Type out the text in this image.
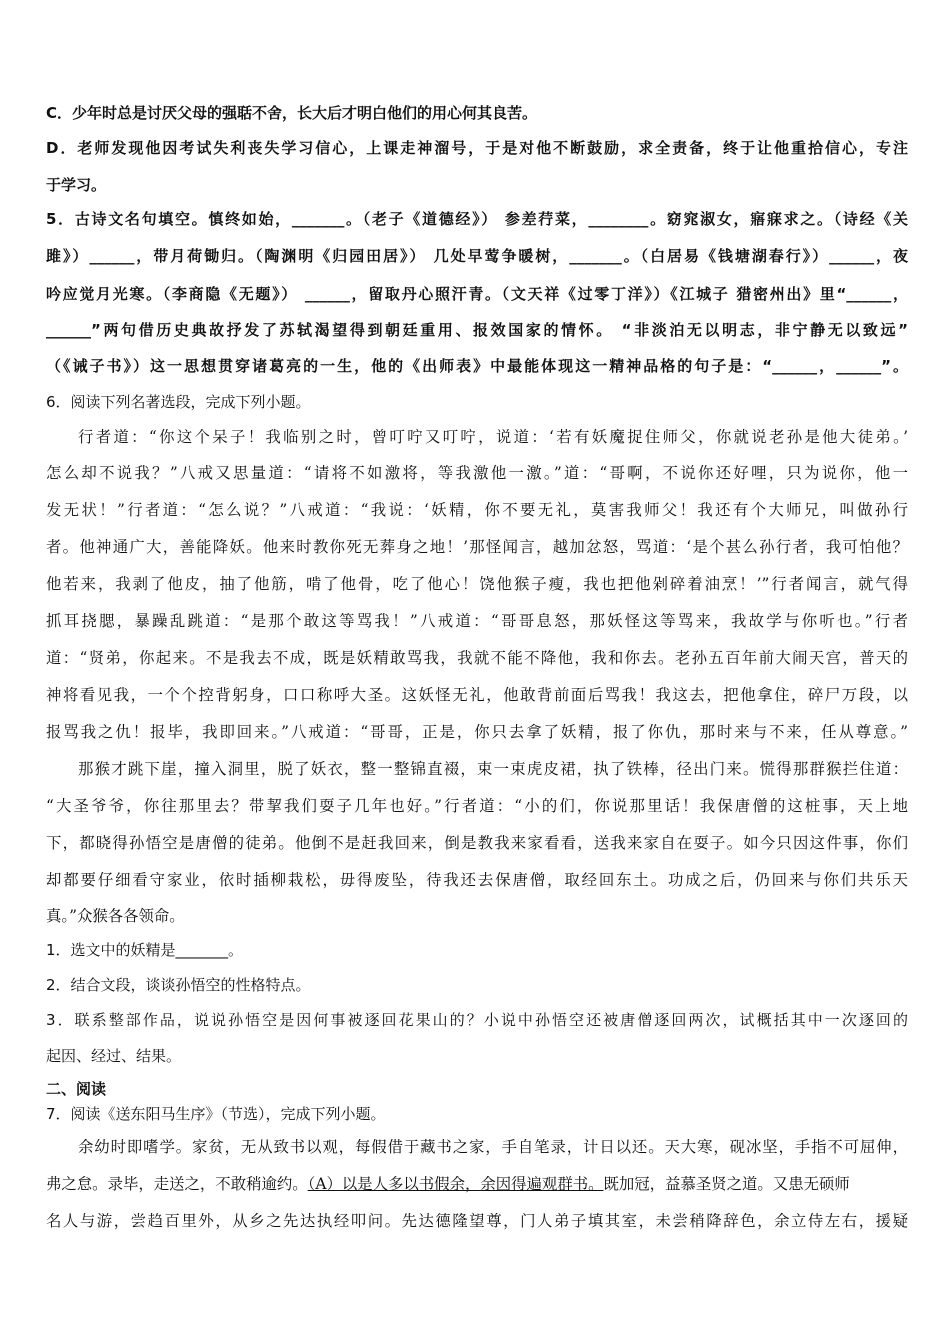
C．少年时总是讨厌父母的强聒不舍，长大后才明白他们的用心何其良苦。
D．老师发现他因考试失利丧失学习信心，上课走神溜号，于是对他不断鼓励，求全责备，终于让他重拾信心，专注
于学习。
5．古诗文名句填空。慎终如始，_______。（老子《道德经》） 参差荇菜，________。窈窕淑女，寤寐求之。（诗经《关
雎》）______，带月荷锄归。（陶渊明《归园田居》） 几处早莺争暖树，_______。（白居易《钱塘湖春行》）______，夜
吟应觉月光寒。（李商隐《无题》） ______，留取丹心照汗青。（文天祥《过零丁洋》）《江城子 猎密州出》里“______，
______”两句借历史典故抒发了苏轼渴望得到朝廷重用、报效国家的情怀。 “非淡泊无以明志，非宁静无以致远”
（《诫子书》）这一思想贯穿诸葛亮的一生，他的《出师表》中最能体现这一精神品格的句子是：“______，______”。
6．阅读下列名著选段，完成下列小题。
行者道：“你这个呆子！我临别之时，曾叮咛又叮咛，说道：‘若有妖魔捉住师父，你就说老孙是他大徒弟。’
怎么却不说我？”八戒又思量道：“请将不如激将，等我激他一激。”道：“哥啊，不说你还好哩，只为说你，他一
发无状！”行者道：“怎么说？”八戒道：“我说：‘妖精，你不要无礼，莫害我师父！我还有个大师兄，叫做孙行
者。他神通广大，善能降妖。他来时教你死无葬身之地！’那怪闻言，越加忿怒，骂道：‘是个甚么孙行者，我可怕他？
他若来，我剥了他皮，抽了他筋，啃了他骨，吃了他心！饶他猴子瘦，我也把他剁碎着油烹！’”行者闻言，就气得
抓耳挠腮，暴躁乱跳道：“是那个敢这等骂我！”八戒道：“哥哥息怒，那妖怪这等骂来，我故学与你听也。”行者
道：“贤弟，你起来。不是我去不成，既是妖精敢骂我，我就不能不降他，我和你去。老孙五百年前大闹天宫，普天的
神将看见我，一个个控背躬身，口口称呼大圣。这妖怪无礼，他敢背前面后骂我！我这去，把他拿住，碎尸万段，以
报骂我之仇！报毕，我即回来。”八戒道：“哥哥，正是，你只去拿了妖精，报了你仇，那时来与不来，任从尊意。”
那猴才跳下崖，撞入洞里，脱了妖衣，整一整锦直裰，束一束虎皮裙，执了铁棒，径出门来。慌得那群猴拦住道：
“大圣爷爷，你往那里去？带挈我们耍子几年也好。”行者道：“小的们，你说那里话！我保唐僧的这桩事，天上地
下，都晓得孙悟空是唐僧的徒弟。他倒不是赶我回来，倒是教我来家看看，送我来家自在耍子。如今只因这件事，你们
却都要仔细看守家业，依时插柳栽松，毋得废坠，待我还去保唐僧，取经回东土。功成之后，仍回来与你们共乐天
真。”众猴各各领命。
1．选文中的妖精是_______。
2．结合文段，谈谈孙悟空的性格特点。
3．联系整部作品，说说孙悟空是因何事被逐回花果山的？小说中孙悟空还被唐僧逐回两次，试概括其中一次逐回的
起因、经过、结果。
二、阅读
7．阅读《送东阳马生序》（节选），完成下列小题。
余幼时即嗜学。家贫，无从致书以观，每假借于藏书之家，手自笔录，计日以还。天大寒，砚冰坚，手指不可屈伸，
弗之怠。录毕，走送之，不敢稍逾约。（A）以是人多以书假余，余因得遍观群书。既加冠，益慕圣贤之道。又患无硕师
名人与游，尝趋百里外，从乡之先达执经叩问。先达德隆望尊，门人弟子填其室，未尝稍降辞色，余立侍左右，援疑
